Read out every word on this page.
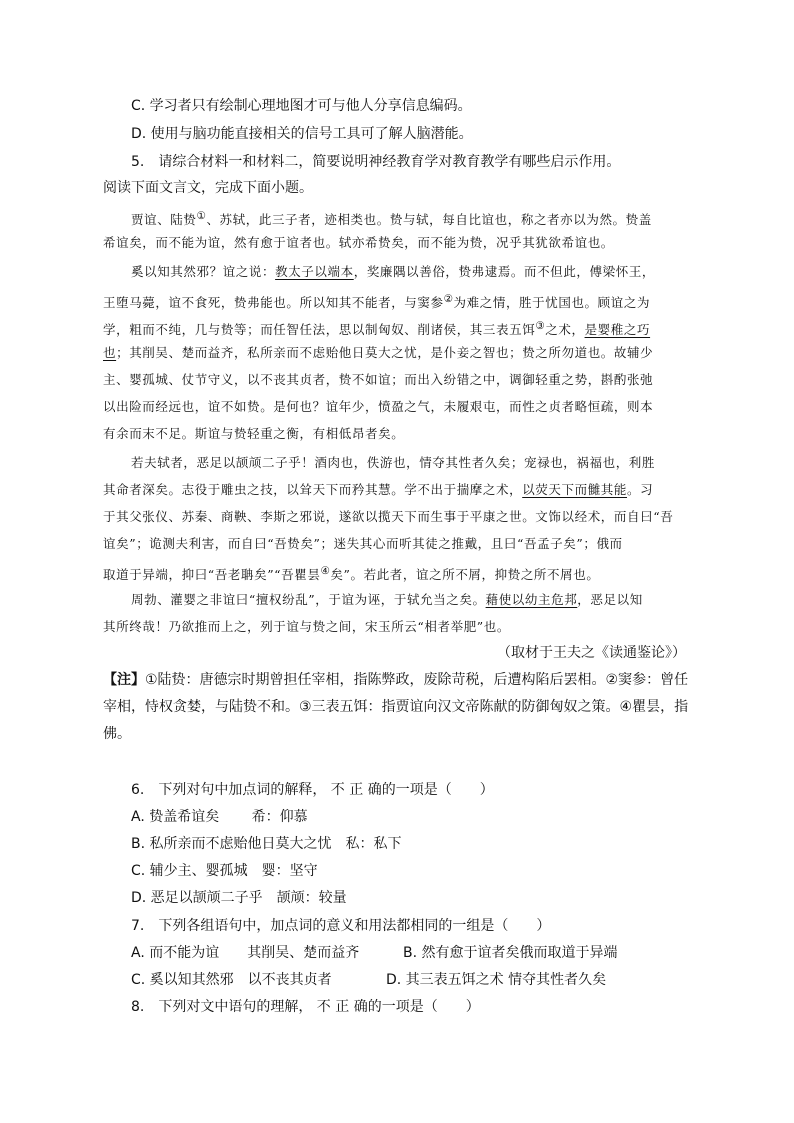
C. 学习者只有绘制心理地图才可与他人分享信息编码。
D. 使用与脑功能直接相关的信号工具可了解人脑潜能。
5.　请综合材料一和材料二，简要说明神经教育学对教育教学有哪些启示作用。
阅读下面文言文，完成下面小题。
贾谊、陆贽①、苏轼，此三子者，迹相类也。贽与轼，每自比谊也，称之者亦以为然。贽盖
希谊矣，而不能为谊，然有愈于谊者也。轼亦希贽矣，而不能为贽，况乎其犹欲希谊也。
奚以知其然邪？谊之说：教太子以端本，奖廉隅以善俗，贽弗逮焉。而不但此，傅梁怀王，
王堕马薨，谊不食死，贽弗能也。所以知其不能者，与窦参②为难之情，胜于忧国也。顾谊之为
学，粗而不纯，几与贽等；而任智任法，思以制匈奴、削诸侯，其三表五饵③之术，是婴稚之巧
也；其削吴、楚而益齐，私所亲而不虑贻他日莫大之忧，是仆妾之智也；贽之所勿道也。故辅少
主、婴孤城、仗节守义，以不丧其贞者，贽不如谊；而出入纷错之中，调御轻重之势，斟酌张弛
以出险而经远也，谊不如贽。是何也？谊年少，愤盈之气，未履艰屯，而性之贞者略恒疏，则本
有余而末不足。斯谊与贽轻重之衡，有相低昂者矣。
若夫轼者，恶足以颉颃二子乎！酒肉也，佚游也，情夺其性者久矣；宠禄也，祸福也，利胜
其命者深矣。志役于雕虫之技，以耸天下而矜其慧。学不出于揣摩之术，以荧天下而雠其能。习
于其父张仪、苏秦、商鞅、李斯之邪说，遂欲以揽天下而生事于平康之世。文饰以经术，而自曰“吾
谊矣”；诡测夫利害，而自曰“吾贽矣”；迷失其心而听其徒之推戴，且曰“吾孟子矣”；俄而
取道于异端，抑曰“吾老聃矣”“吾瞿昙④矣”。若此者，谊之所不屑，抑贽之所不屑也。
周勃、灌婴之非谊曰“擅权纷乱”，于谊为诬，于轼允当之矣。藉使以幼主危邦，恶足以知
其所终哉！乃欲推而上之，列于谊与贽之间，宋玉所云“相者举肥”也。
（取材于王夫之《读通鉴论》）
【注】①陆贽：唐德宗时期曾担任宰相，指陈弊政，废除苛税，后遭构陷后罢相。②窦参：曾任
宰相，恃权贪婪，与陆贽不和。③三表五饵：指贾谊向汉文帝陈献的防御匈奴之策。④瞿昙，指
佛。
6.　下列对句中加点词的解释， 不 正 确的一项是（　　）
A. 贽盖希谊矣　　 希：仰慕
B. 私所亲而不虑贻他日莫大之忧　私：私下
C. 辅少主、婴孤城　婴：坚守
D. 恶足以颉颃二子乎　颉颃：较量
7.　下列各组语句中，加点词的意义和用法都相同的一组是（　　）
A. 而不能为谊　　其削吴、楚而益齐	B. 然有愈于谊者矣俄而取道于异端
C. 奚以知其然邪　以不丧其贞者	D. 其三表五饵之术 情夺其性者久矣
8.　下列对文中语句的理解， 不 正 确的一项是（　　）
